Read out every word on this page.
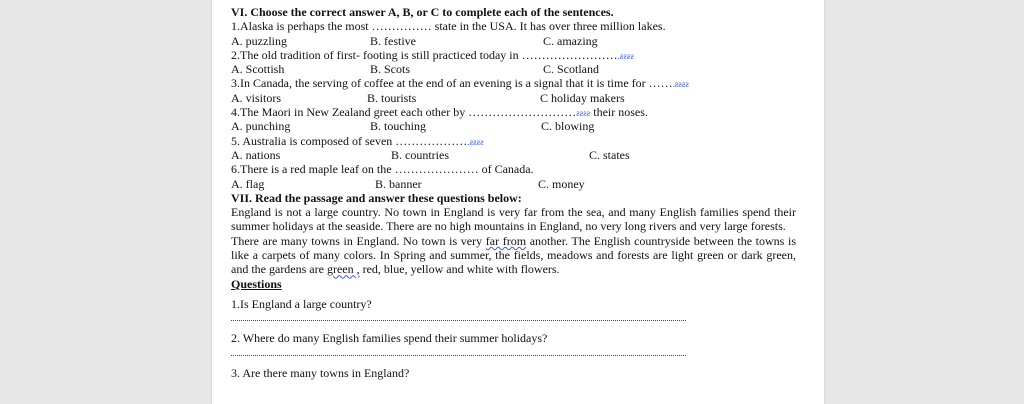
VI. Choose the correct answer A, B, or C to complete each of the sentences.
1.Alaska is perhaps the most …………… state in the USA. It has over three million lakes.
A. puzzling	B. festive	C. amazing
2.The old tradition of first- footing is still practiced today in …………………….ƨƨƨƨ
A. Scottish	B. Scots	C. Scotland
3.In Canada, the serving of coffee at the end of an evening is a signal that it is time for …….ƨƨƨƨ
A. visitors	B. tourists	C holiday makers
4.The Maori in New Zealand greet each other by ………………………ƨƨƨƨ their noses.
A. punching	B. touching	C. blowing
5. Australia is composed of seven ……………….ƨƨƨƨ
A. nations	B. countries	C. states
6.There is a red maple leaf on the ………………… of Canada.
A. flag	B. banner	C. money
VII. Read the passage and answer these questions below:
England is not a large country. No town in England is very far from the sea, and many English families spend their summer holidays at the seaside. There are no high mountains in England, no very long rivers and very large forests.
There are many towns in England. No town is very far from another. The English countryside between the towns is like a carpets of many colors. In Spring and summer, the fields, meadows and forests are light green or dark green, and the gardens are green , red, blue, yellow and white with flowers.
Questions
1.Is England a large country?
2. Where do many English families spend their summer holidays?
3. Are there many towns in England?
